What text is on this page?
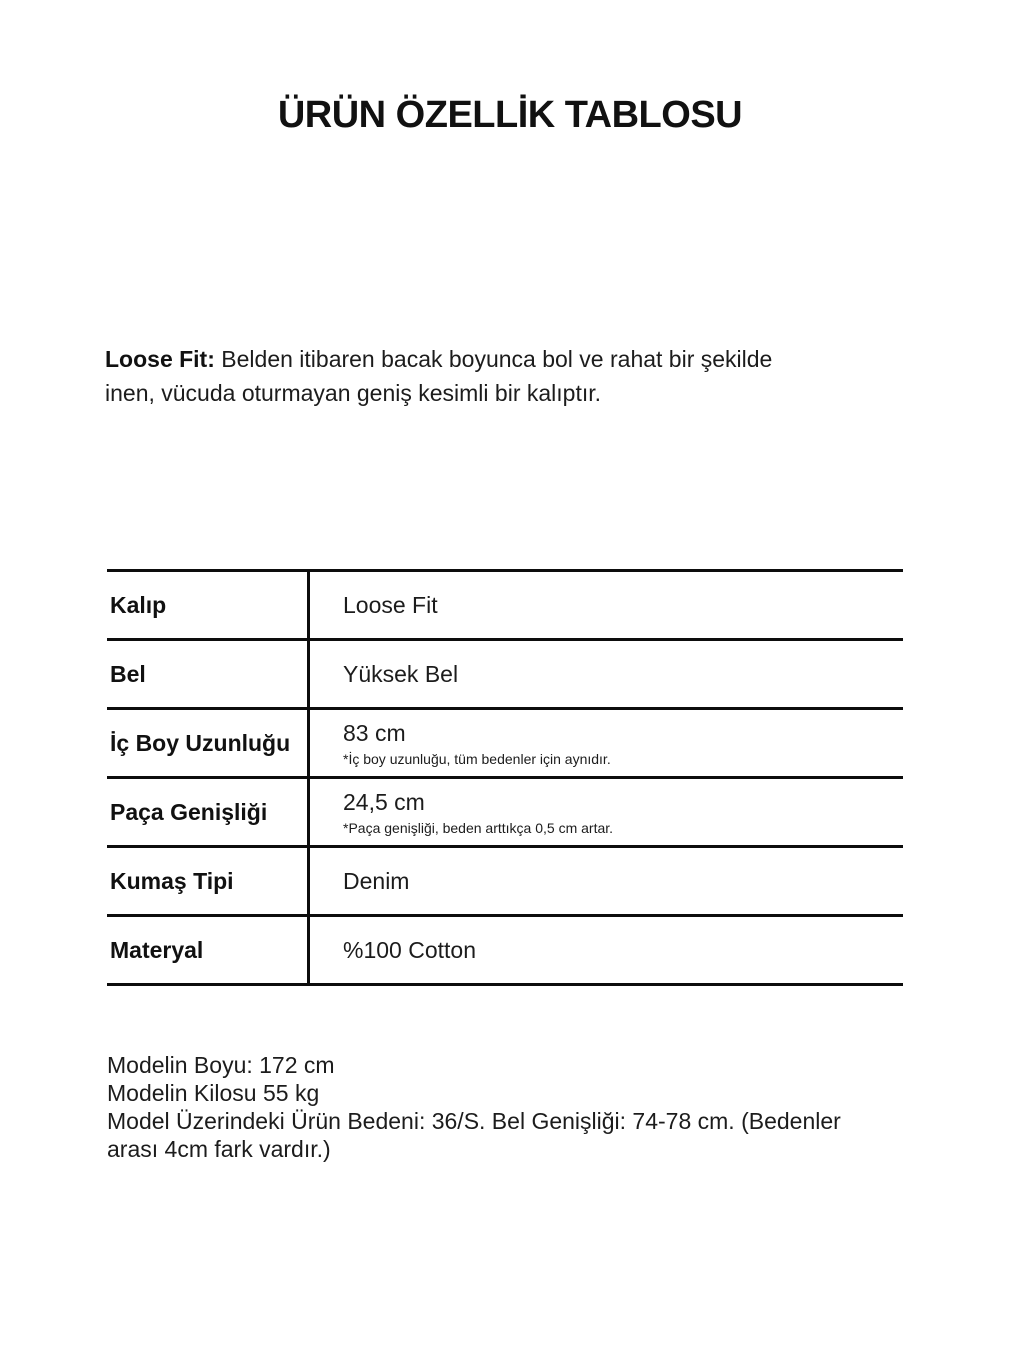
ÜRÜN ÖZELLİK TABLOSU
Loose Fit: Belden itibaren bacak boyunca bol ve rahat bir şekilde
inen, vücuda oturmayan geniş kesimli bir kalıptır.
Kalıp	Loose Fit
Bel	Yüksek Bel
İç Boy Uzunluğu	83 cm
*İç boy uzunluğu, tüm bedenler için aynıdır.
Paça Genişliği	24,5 cm
*Paça genişliği, beden arttıkça 0,5 cm artar.
Kumaş Tipi	Denim
Materyal	%100 Cotton
Modelin Boyu: 172 cm
Modelin Kilosu 55 kg
Model Üzerindeki Ürün Bedeni: 36/S. Bel Genişliği: 74-78 cm. (Bedenler
arası 4cm fark vardır.)
